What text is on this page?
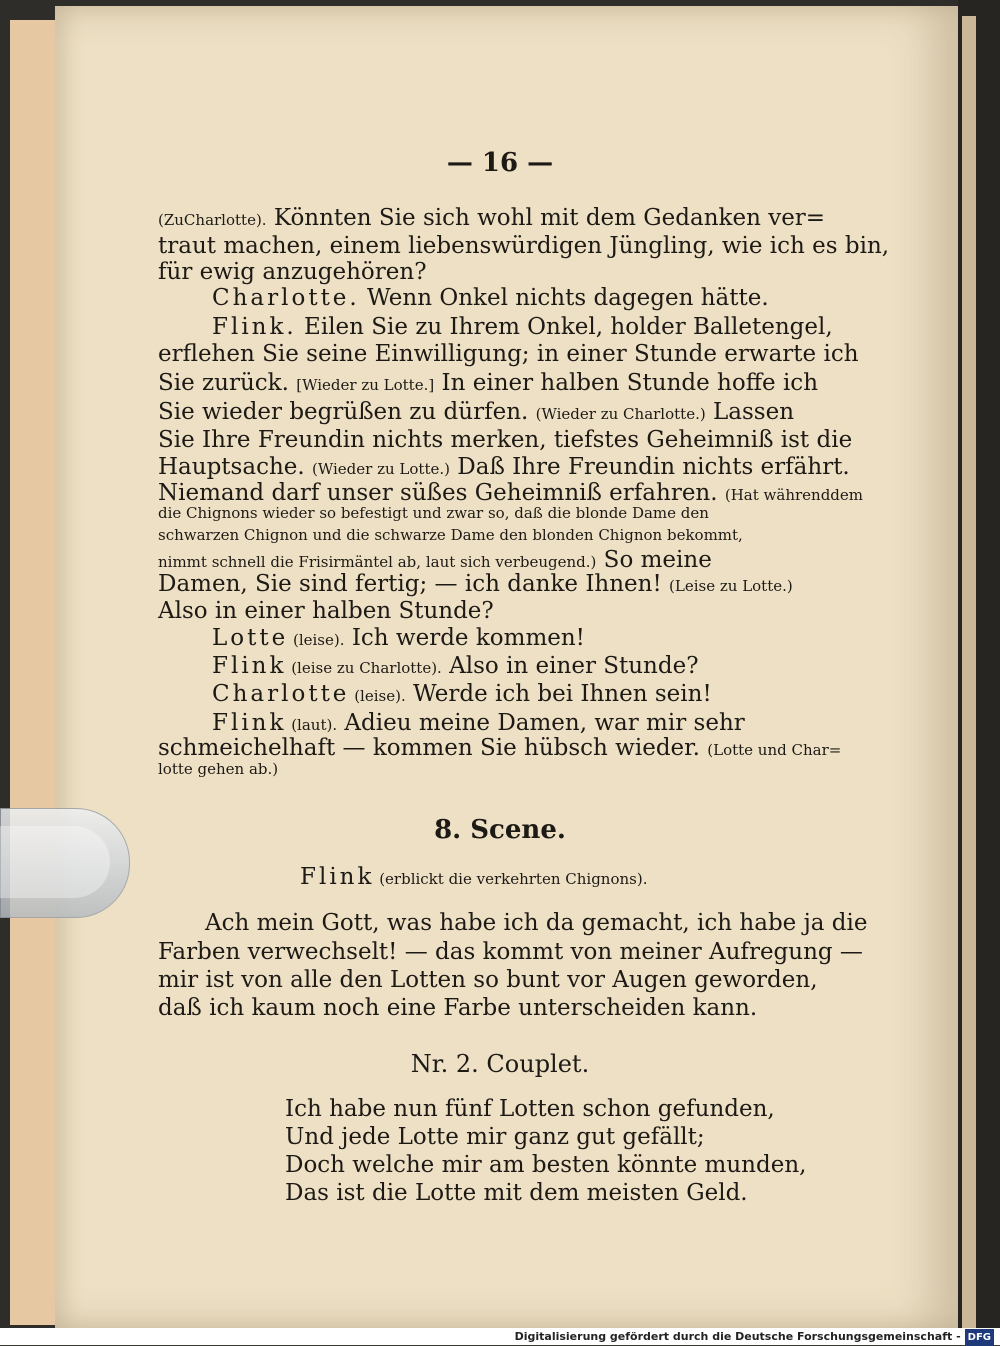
— 16 —
(ZuCharlotte). Könnten Sie sich wohl mit dem Gedanken ver=
traut machen, einem liebenswürdigen Jüngling, wie ich es bin,
für ewig anzugehören?
Charlotte. Wenn Onkel nichts dagegen hätte.
Flink. Eilen Sie zu Ihrem Onkel, holder Balletengel,
erflehen Sie seine Einwilligung; in einer Stunde erwarte ich
Sie zurück. [Wieder zu Lotte.] In einer halben Stunde hoffe ich
Sie wieder begrüßen zu dürfen. (Wieder zu Charlotte.) Lassen
Sie Ihre Freundin nichts merken, tiefstes Geheimniß ist die
Hauptsache. (Wieder zu Lotte.) Daß Ihre Freundin nichts erfährt.
Niemand darf unser süßes Geheimniß erfahren. (Hat währenddem
die Chignons wieder so befestigt und zwar so, daß die blonde Dame den
schwarzen Chignon und die schwarze Dame den blonden Chignon bekommt,
nimmt schnell die Frisirmäntel ab, laut sich verbeugend.) So meine
Damen, Sie sind fertig; — ich danke Ihnen! (Leise zu Lotte.)
Also in einer halben Stunde?
Lotte (leise). Ich werde kommen!
Flink (leise zu Charlotte). Also in einer Stunde?
Charlotte (leise). Werde ich bei Ihnen sein!
Flink (laut). Adieu meine Damen, war mir sehr
schmeichelhaft — kommen Sie hübsch wieder. (Lotte und Char=
lotte gehen ab.)
8. Scene.
Flink (erblickt die verkehrten Chignons).
Ach mein Gott, was habe ich da gemacht, ich habe ja die
Farben verwechselt! — das kommt von meiner Aufregung —
mir ist von alle den Lotten so bunt vor Augen geworden,
daß ich kaum noch eine Farbe unterscheiden kann.
Nr. 2. Couplet.
Ich habe nun fünf Lotten schon gefunden,
Und jede Lotte mir ganz gut gefällt;
Doch welche mir am besten könnte munden,
Das ist die Lotte mit dem meisten Geld.
Digitalisierung gefördert durch die Deutsche Forschungsgemeinschaft - DFG
